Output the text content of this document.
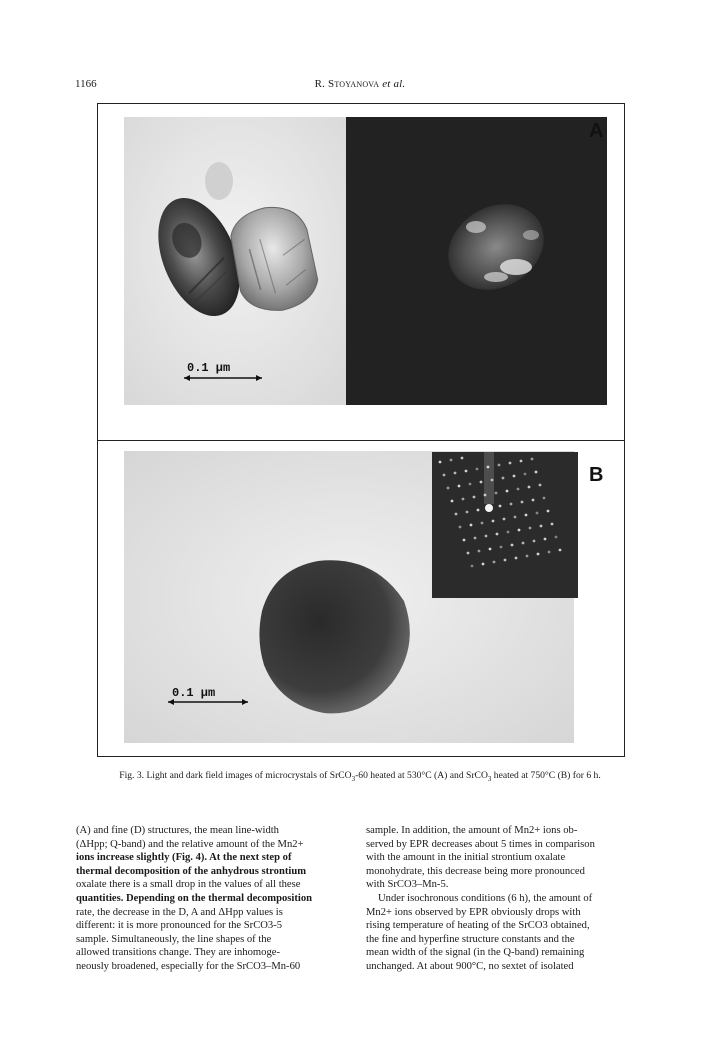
1166	R. Stoyanova et al.
0.1 µm
A
0.1 µm
B
Fig. 3. Light and dark field images of microcrystals of SrCO$_3$-60 heated at 530°C (A) and SrCO$_3$ heated at 750°C (B) for 6 h.

(A) and fine (D) structures, the mean line-width

(ΔHpp; Q-band) and the relative amount of the Mn2+

ions increase slightly (Fig. 4). At the next step of

thermal decomposition of the anhydrous strontium

oxalate there is a small drop in the values of all these

quantities. Depending on the thermal decomposition

rate, the decrease in the D, A and ΔHpp values is

different: it is more pronounced for the SrCO3-5

sample. Simultaneously, the line shapes of the

allowed transitions change. They are inhomoge-

neously broadened, especially for the SrCO3–Mn-60

sample. In addition, the amount of Mn2+ ions ob-

served by EPR decreases about 5 times in comparison

with the amount in the initial strontium oxalate

monohydrate, this decrease being more pronounced

with SrCO3–Mn-5.

Under isochronous conditions (6 h), the amount of

Mn2+ ions observed by EPR obviously drops with

rising temperature of heating of the SrCO3 obtained,

the fine and hyperfine structure constants and the

mean width of the signal (in the Q-band) remaining

unchanged. At about 900°C, no sextet of isolated
